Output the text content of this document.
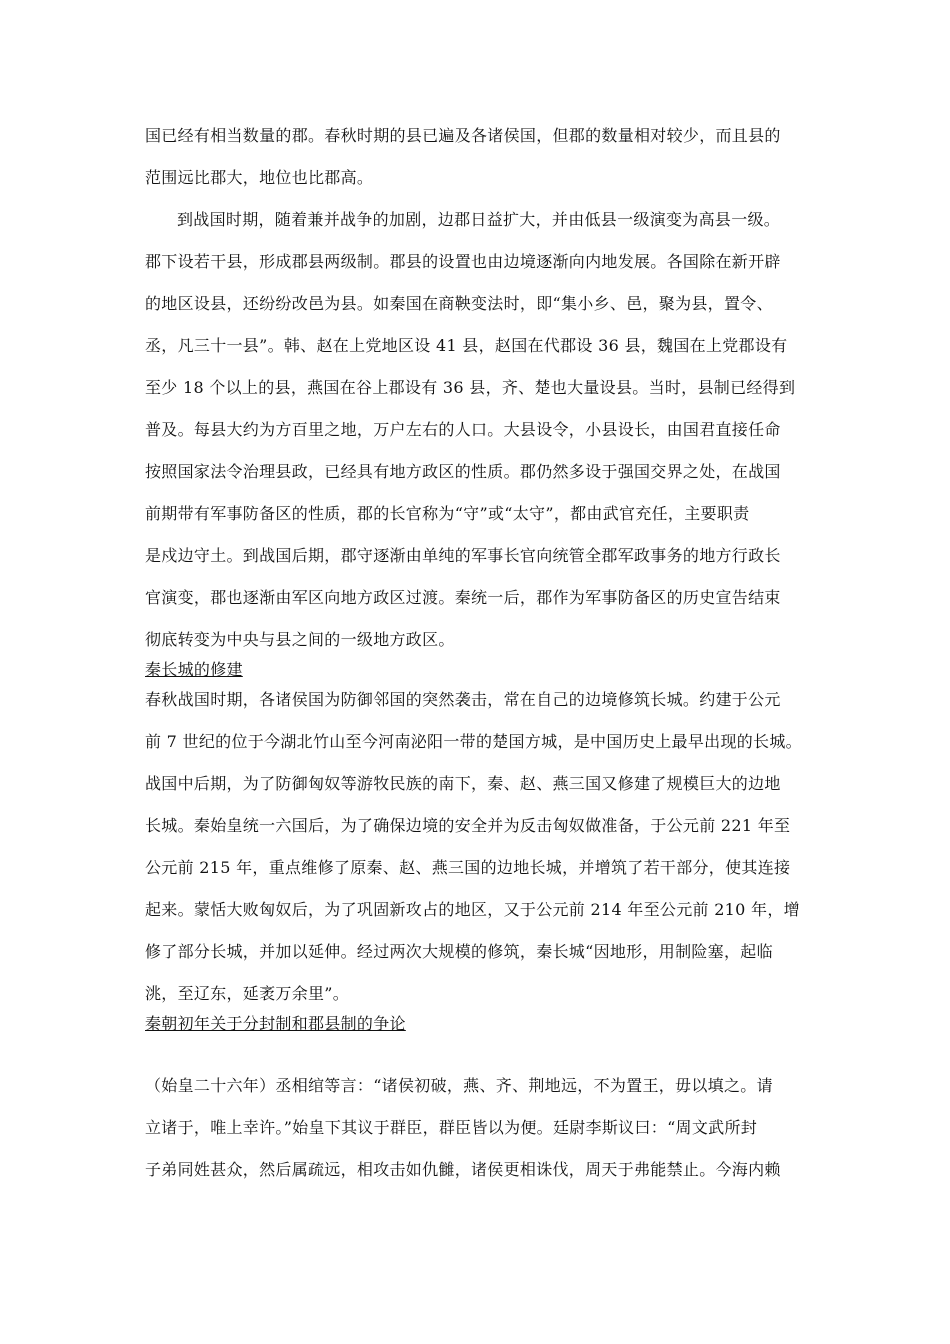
国已经有相当数量的郡。春秋时期的县已遍及各诸侯国，但郡的数量相对较少，而且县的
范围远比郡大，地位也比郡高。
到战国时期，随着兼并战争的加剧，边郡日益扩大，并由低县一级演变为高县一级。
郡下设若干县，形成郡县两级制。郡县的设置也由边境逐渐向内地发展。各国除在新开辟
的地区设县，还纷纷改邑为县。如秦国在商鞅变法时，即“集小乡、邑，聚为县，置令、
丞，凡三十一县”。韩、赵在上党地区设 41 县，赵国在代郡设 36 县，魏国在上党郡设有
至少 18 个以上的县，燕国在谷上郡设有 36 县，齐、楚也大量设县。当时，县制已经得到
普及。每县大约为方百里之地，万户左右的人口。大县设令，小县设长，由国君直接任命
按照国家法令治理县政，已经具有地方政区的性质。郡仍然多设于强国交界之处，在战国
前期带有军事防备区的性质，郡的长官称为“守”或“太守”，都由武官充任，主要职责
是戍边守土。到战国后期，郡守逐渐由单纯的军事长官向统管全郡军政事务的地方行政长
官演变，郡也逐渐由军区向地方政区过渡。秦统一后，郡作为军事防备区的历史宣告结束
彻底转变为中央与县之间的一级地方政区。
秦长城的修建
春秋战国时期，各诸侯国为防御邻国的突然袭击，常在自己的边境修筑长城。约建于公元
前 7 世纪的位于今湖北竹山至今河南泌阳一带的楚国方城，是中国历史上最早出现的长城。
战国中后期，为了防御匈奴等游牧民族的南下，秦、赵、燕三国又修建了规模巨大的边地
长城。秦始皇统一六国后，为了确保边境的安全并为反击匈奴做准备，于公元前 221 年至
公元前 215 年，重点维修了原秦、赵、燕三国的边地长城，并增筑了若干部分，使其连接
起来。蒙恬大败匈奴后，为了巩固新攻占的地区，又于公元前 214 年至公元前 210 年，增
修了部分长城，并加以延伸。经过两次大规模的修筑，秦长城“因地形，用制险塞，起临
洮，至辽东，延袤万余里”。
秦朝初年关于分封制和郡县制的争论
（始皇二十六年）丞相绾等言：“诸侯初破，燕、齐、荆地远，不为置王，毋以填之。请
立诸于，唯上幸许。”始皇下其议于群臣，群臣皆以为便。廷尉李斯议曰：“周文武所封
子弟同姓甚众，然后属疏远，相攻击如仇雠，诸侯更相诛伐，周天于弗能禁止。今海内赖
